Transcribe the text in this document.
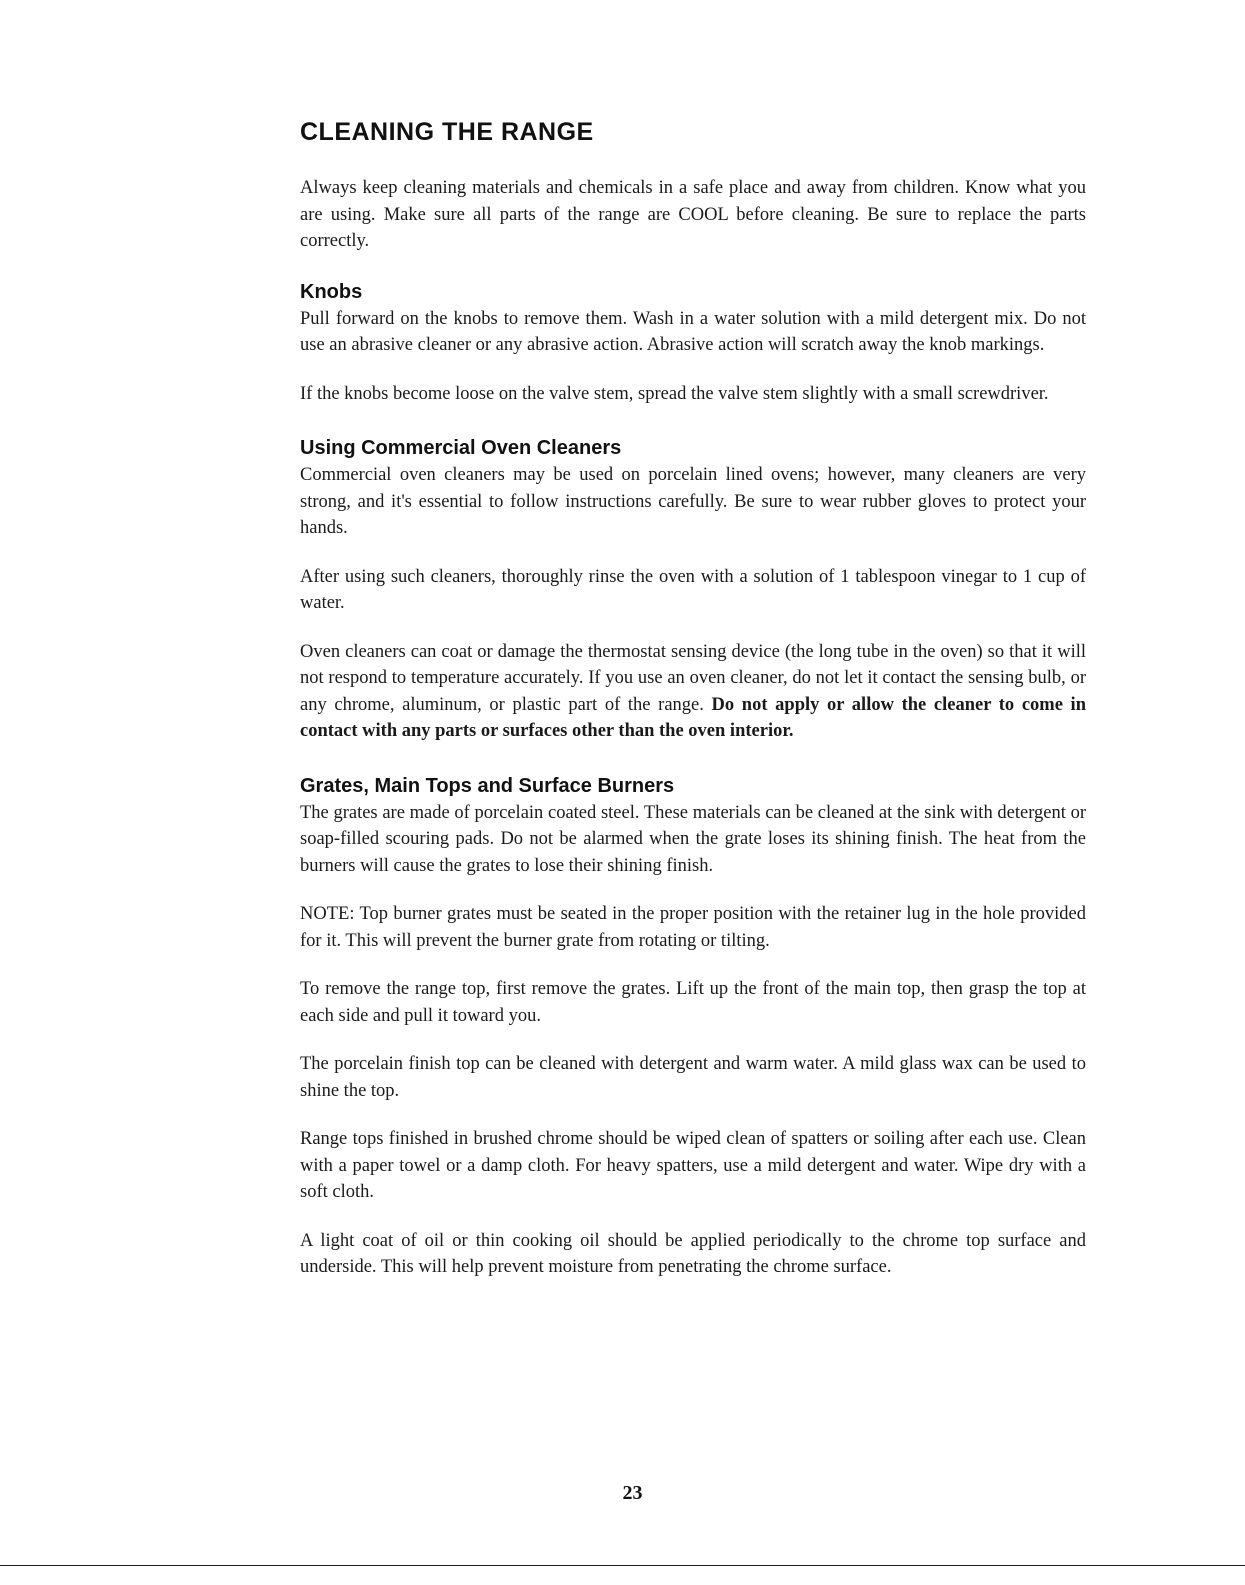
CLEANING THE RANGE

Always keep cleaning materials and chemicals in a safe place and away from children. Know what you are using. Make sure all parts of the range are COOL before cleaning. Be sure to replace the parts correctly.

Knobs

Pull forward on the knobs to remove them. Wash in a water solution with a mild detergent mix. Do not use an abrasive cleaner or any abrasive action. Abrasive action will scratch away the knob markings.

If the knobs become loose on the valve stem, spread the valve stem slightly with a small screwdriver.

Using Commercial Oven Cleaners

Commercial oven cleaners may be used on porcelain lined ovens; however, many cleaners are very strong, and it's essential to follow instructions carefully. Be sure to wear rubber gloves to protect your hands.

After using such cleaners, thoroughly rinse the oven with a solution of 1 tablespoon vinegar to 1 cup of water.

Oven cleaners can coat or damage the thermostat sensing device (the long tube in the oven) so that it will not respond to temperature accurately. If you use an oven cleaner, do not let it contact the sensing bulb, or any chrome, aluminum, or plastic part of the range. Do not apply or allow the cleaner to come in contact with any parts or surfaces other than the oven interior.

Grates, Main Tops and Surface Burners

The grates are made of porcelain coated steel. These materials can be cleaned at the sink with detergent or soap-filled scouring pads. Do not be alarmed when the grate loses its shining finish. The heat from the burners will cause the grates to lose their shining finish.

NOTE: Top burner grates must be seated in the proper position with the retainer lug in the hole provided for it. This will prevent the burner grate from rotating or tilting.

To remove the range top, first remove the grates. Lift up the front of the main top, then grasp the top at each side and pull it toward you.

The porcelain finish top can be cleaned with detergent and warm water. A mild glass wax can be used to shine the top.

Range tops finished in brushed chrome should be wiped clean of spatters or soiling after each use. Clean with a paper towel or a damp cloth. For heavy spatters, use a mild detergent and water. Wipe dry with a soft cloth.

A light coat of oil or thin cooking oil should be applied periodically to the chrome top surface and underside. This will help prevent moisture from penetrating the chrome surface.

23
